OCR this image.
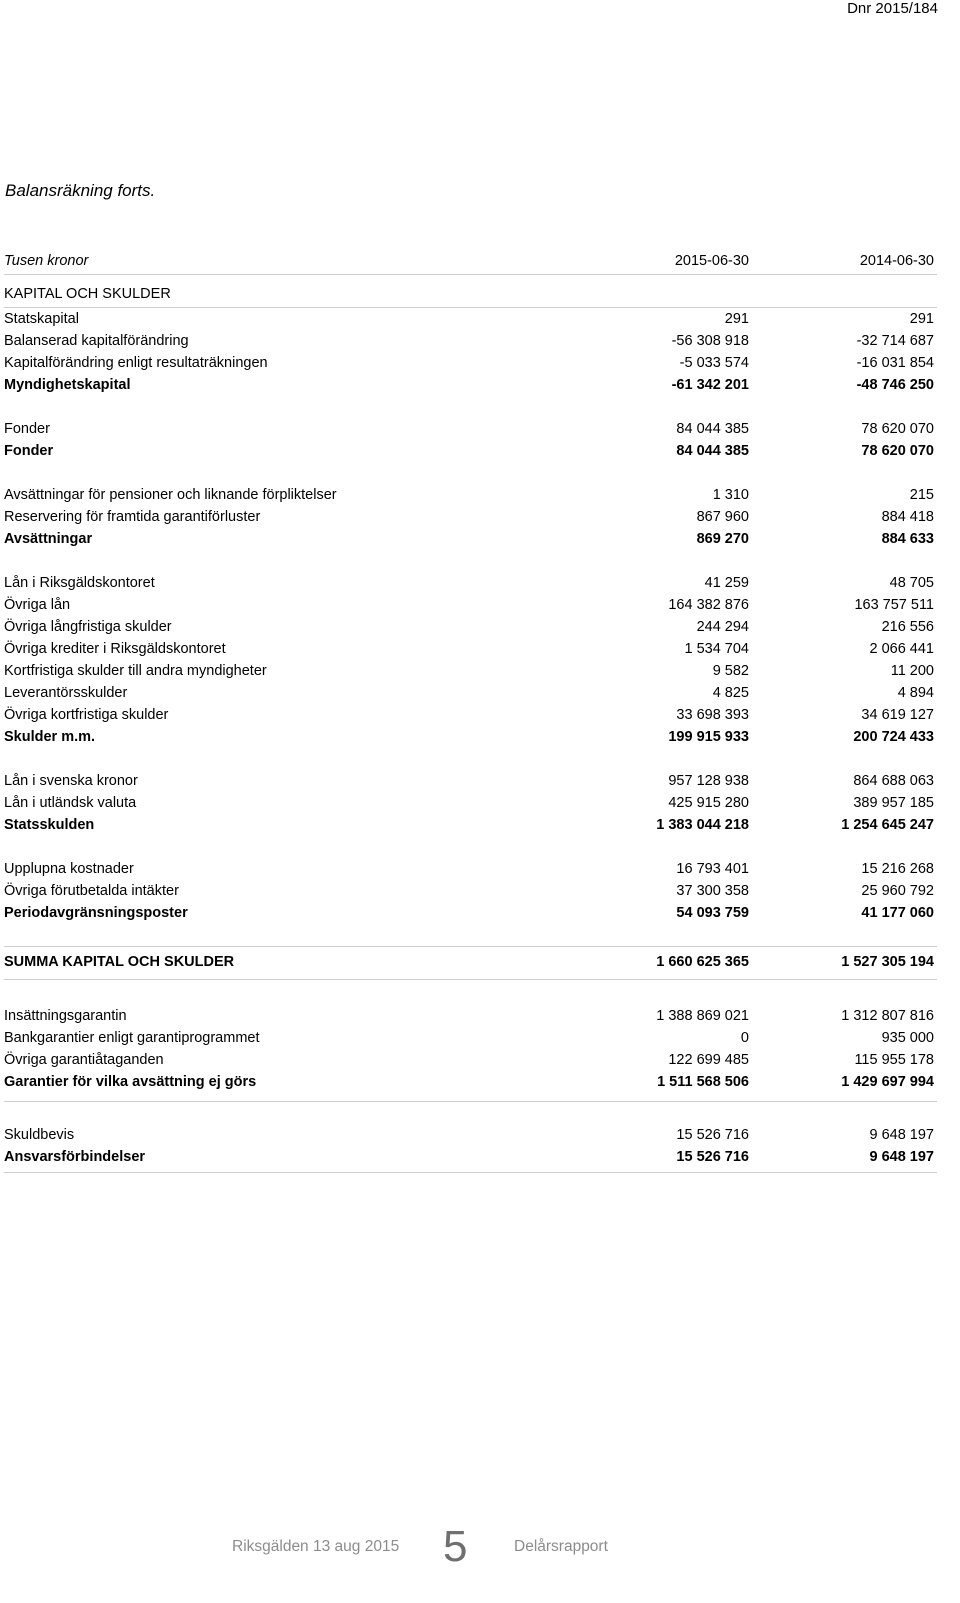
Dnr 2015/184
Balansräkning forts.
Tusen kronor	2015-06-30	2014-06-30
KAPITAL OCH SKULDER
Statskapital	291	291
Balanserad kapitalförändring	-56 308 918	-32 714 687
Kapitalförändring enligt resultaträkningen	-5 033 574	-16 031 854
Myndighetskapital	-61 342 201	-48 746 250
Fonder	84 044 385	78 620 070
Fonder	84 044 385	78 620 070
Avsättningar för pensioner och liknande förpliktelser	1 310	215
Reservering för framtida garantiförluster	867 960	884 418
Avsättningar	869 270	884 633
Lån i Riksgäldskontoret	41 259	48 705
Övriga lån	164 382 876	163 757 511
Övriga långfristiga skulder	244 294	216 556
Övriga krediter i Riksgäldskontoret	1 534 704	2 066 441
Kortfristiga skulder till andra myndigheter	9 582	11 200
Leverantörsskulder	4 825	4 894
Övriga kortfristiga skulder	33 698 393	34 619 127
Skulder m.m.	199 915 933	200 724 433
Lån i svenska kronor	957 128 938	864 688 063
Lån i utländsk valuta	425 915 280	389 957 185
Statsskulden	1 383 044 218	1 254 645 247
Upplupna kostnader	16 793 401	15 216 268
Övriga förutbetalda intäkter	37 300 358	25 960 792
Periodavgränsningsposter	54 093 759	41 177 060
SUMMA KAPITAL OCH SKULDER	1 660 625 365	1 527 305 194
Insättningsgarantin	1 388 869 021	1 312 807 816
Bankgarantier enligt garantiprogrammet	0	935 000
Övriga garantiåtaganden	122 699 485	115 955 178
Garantier för vilka avsättning ej görs	1 511 568 506	1 429 697 994
Skuldbevis	15 526 716	9 648 197
Ansvarsförbindelser	15 526 716	9 648 197
Riksgälden 13 aug 2015 5	Delårsrapport
